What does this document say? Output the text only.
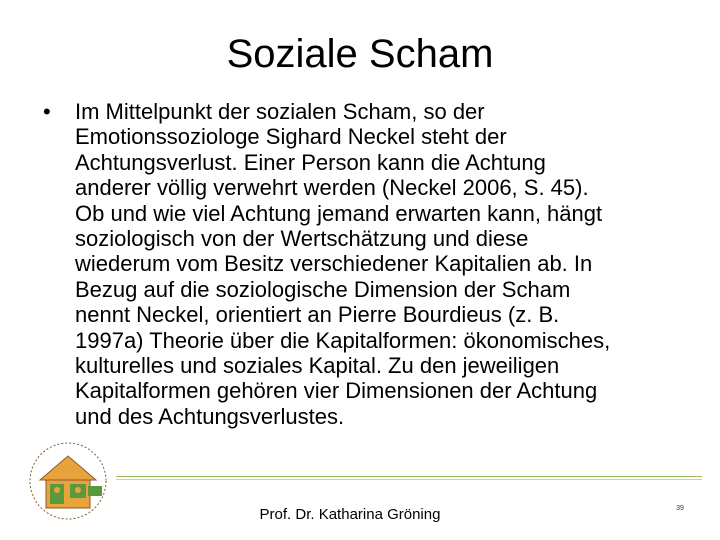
Soziale Scham
•	Im Mittelpunkt der sozialen Scham, so der
Emotionssoziologe Sighard Neckel steht der
Achtungsverlust. Einer Person kann die Achtung
anderer völlig verwehrt werden (Neckel 2006, S. 45).
Ob und wie viel Achtung jemand erwarten kann, hängt
soziologisch von der Wertschätzung und diese
wiederum vom Besitz verschiedener Kapitalien ab. In
Bezug auf die soziologische Dimension der Scham
nennt Neckel, orientiert an Pierre Bourdieus (z. B.
1997a) Theorie über die Kapitalformen: ökonomisches,
kulturelles und soziales Kapital. Zu den jeweiligen
Kapitalformen gehören vier Dimensionen der Achtung
und des Achtungsverlustes.
Prof. Dr. Katharina Gröning	39
